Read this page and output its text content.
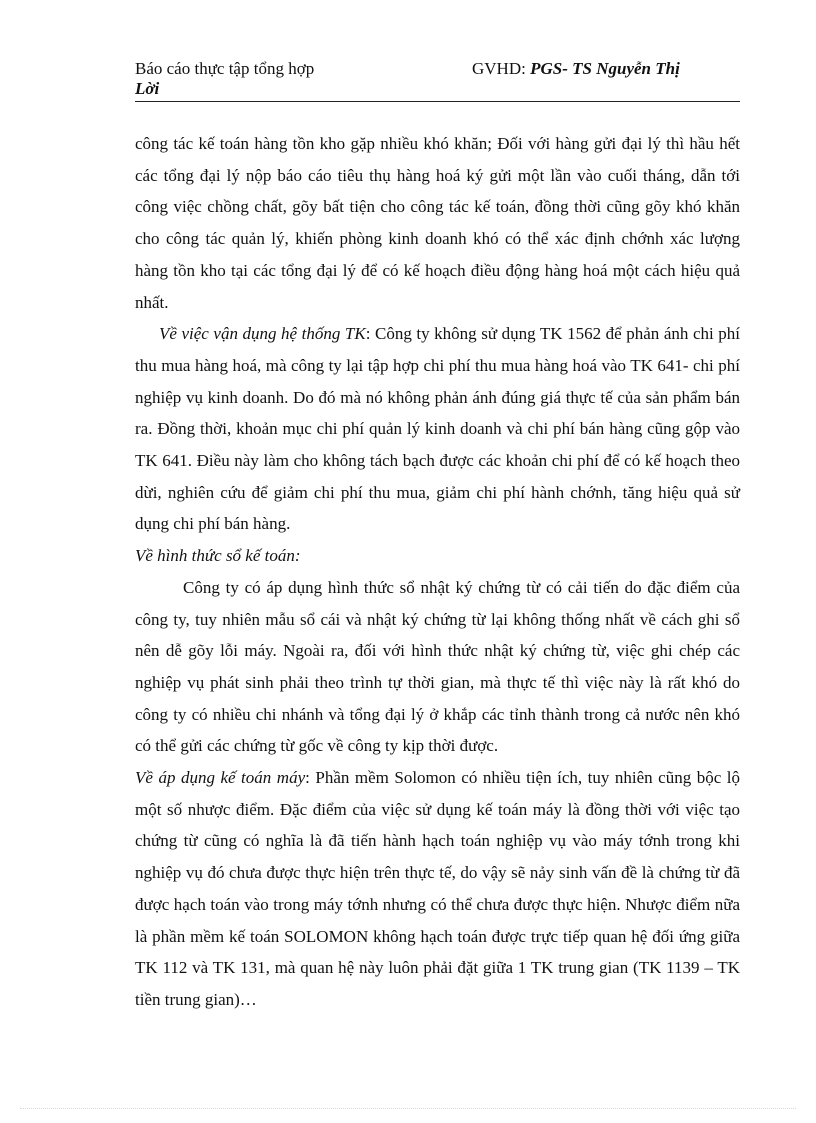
Báo cáo thực tập tổng hợp	GVHD: PGS- TS Nguyễn Thị
Lời

công tác kế toán hàng tồn kho gặp nhiều khó khăn; Đối với hàng gửi đại lý thì hầu hết các tổng đại lý nộp báo cáo tiêu thụ hàng hoá ký gửi một lần vào cuối tháng, dẫn tới công việc chồng chất, gõy bất tiện cho công tác kế toán, đồng thời cũng gõy khó khăn cho công tác quản lý, khiến phòng kinh doanh khó có thể xác định chớnh xác lượng hàng tồn kho tại các tổng đại lý để có kế hoạch điều động hàng hoá một cách hiệu quả nhất.

Về việc vận dụng hệ thống TK: Công ty không sử dụng TK 1562 để phản ánh chi phí thu mua hàng hoá, mà công ty lại tập hợp chi phí thu mua hàng hoá vào TK 641- chi phí nghiệp vụ kinh doanh. Do đó mà nó không phản ánh đúng giá thực tế của sản phẩm bán ra. Đồng thời, khoản mục chi phí quản lý kinh doanh và chi phí bán hàng cũng gộp vào TK 641. Điều này làm cho không tách bạch được các khoản chi phí để có kế hoạch theo dừi, nghiên cứu để giảm chi phí thu mua, giảm chi phí hành chớnh, tăng hiệu quả sử dụng chi phí bán hàng.

Về hình thức sổ kế toán:

Công ty có áp dụng hình thức sổ nhật ký chứng từ có cải tiến do đặc điểm của công ty, tuy nhiên mẫu sổ cái và nhật ký chứng từ lại không thống nhất về cách ghi sổ nên dễ gõy lỗi máy. Ngoài ra, đối với hình thức nhật ký chứng từ, việc ghi chép các nghiệp vụ phát sinh phải theo trình tự thời gian, mà thực tế thì việc này là rất khó do công ty có nhiều chi nhánh và tổng đại lý ở khắp các tỉnh thành trong cả nước nên khó có thể gửi các chứng từ gốc về công ty kịp thời được.

Về áp dụng kế toán máy: Phần mềm Solomon có nhiều tiện ích, tuy nhiên cũng bộc lộ một số nhược điểm. Đặc điểm của việc sử dụng kế toán máy là đồng thời với việc tạo chứng từ cũng có nghĩa là đã tiến hành hạch toán nghiệp vụ vào máy tớnh trong khi nghiệp vụ đó chưa được thực hiện trên thực tế, do vậy sẽ nảy sinh vấn đề là chứng từ đã được hạch toán vào trong máy tớnh nhưng có thể chưa được thực hiện. Nhược điểm nữa là phần mềm kế toán SOLOMON không hạch toán được trực tiếp quan hệ đối ứng giữa TK 112 và TK 131, mà quan hệ này luôn phải đặt giữa 1 TK trung gian (TK 1139 – TK tiền trung gian)…
